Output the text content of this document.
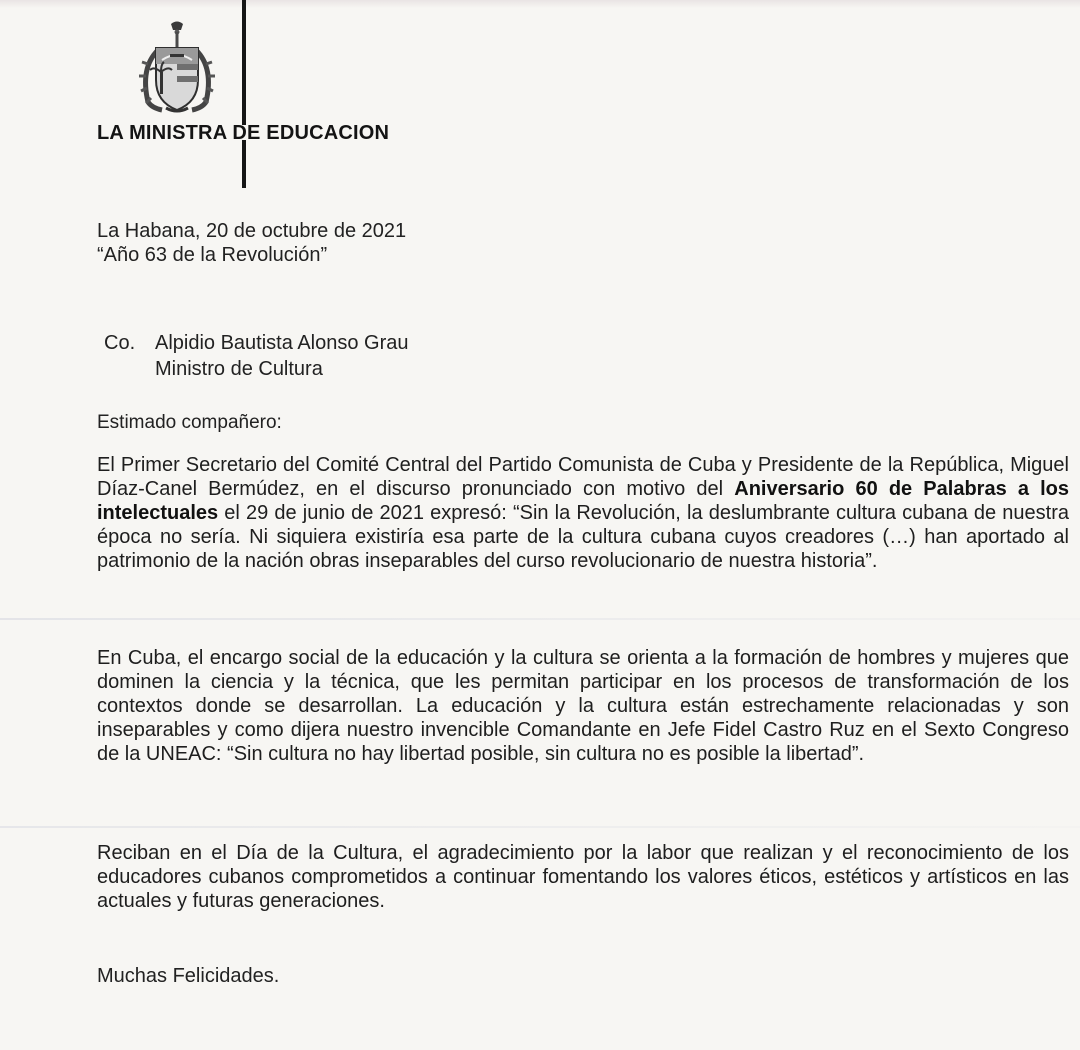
LA MINISTRA DE EDUCACION
La Habana, 20 de octubre de 2021
“Año 63 de la Revolución”
Co. Alpidio Bautista Alonso Grau
Ministro de Cultura
Estimado compañero:
El Primer Secretario del Comité Central del Partido Comunista de Cuba y Presidente de la República, Miguel Díaz-Canel Bermúdez, en el discurso pronunciado con motivo del Aniversario 60 de Palabras a los intelectuales el 29 de junio de 2021 expresó: “Sin la Revolución, la deslumbrante cultura cubana de nuestra época no sería. Ni siquiera existiría esa parte de la cultura cubana cuyos creadores (…) han aportado al patrimonio de la nación obras inseparables del curso revolucionario de nuestra historia”.
En Cuba, el encargo social de la educación y la cultura se orienta a la formación de hombres y mujeres que dominen la ciencia y la técnica, que les permitan participar en los procesos de transformación de los contextos donde se desarrollan. La educación y la cultura están estrechamente relacionadas y son inseparables y como dijera nuestro invencible Comandante en Jefe Fidel Castro Ruz en el Sexto Congreso de la UNEAC: “Sin cultura no hay libertad posible, sin cultura no es posible la libertad”.
Reciban en el Día de la Cultura, el agradecimiento por la labor que realizan y el reconocimiento de los educadores cubanos comprometidos a continuar fomentando los valores éticos, estéticos y artísticos en las actuales y futuras generaciones.
Muchas Felicidades.
